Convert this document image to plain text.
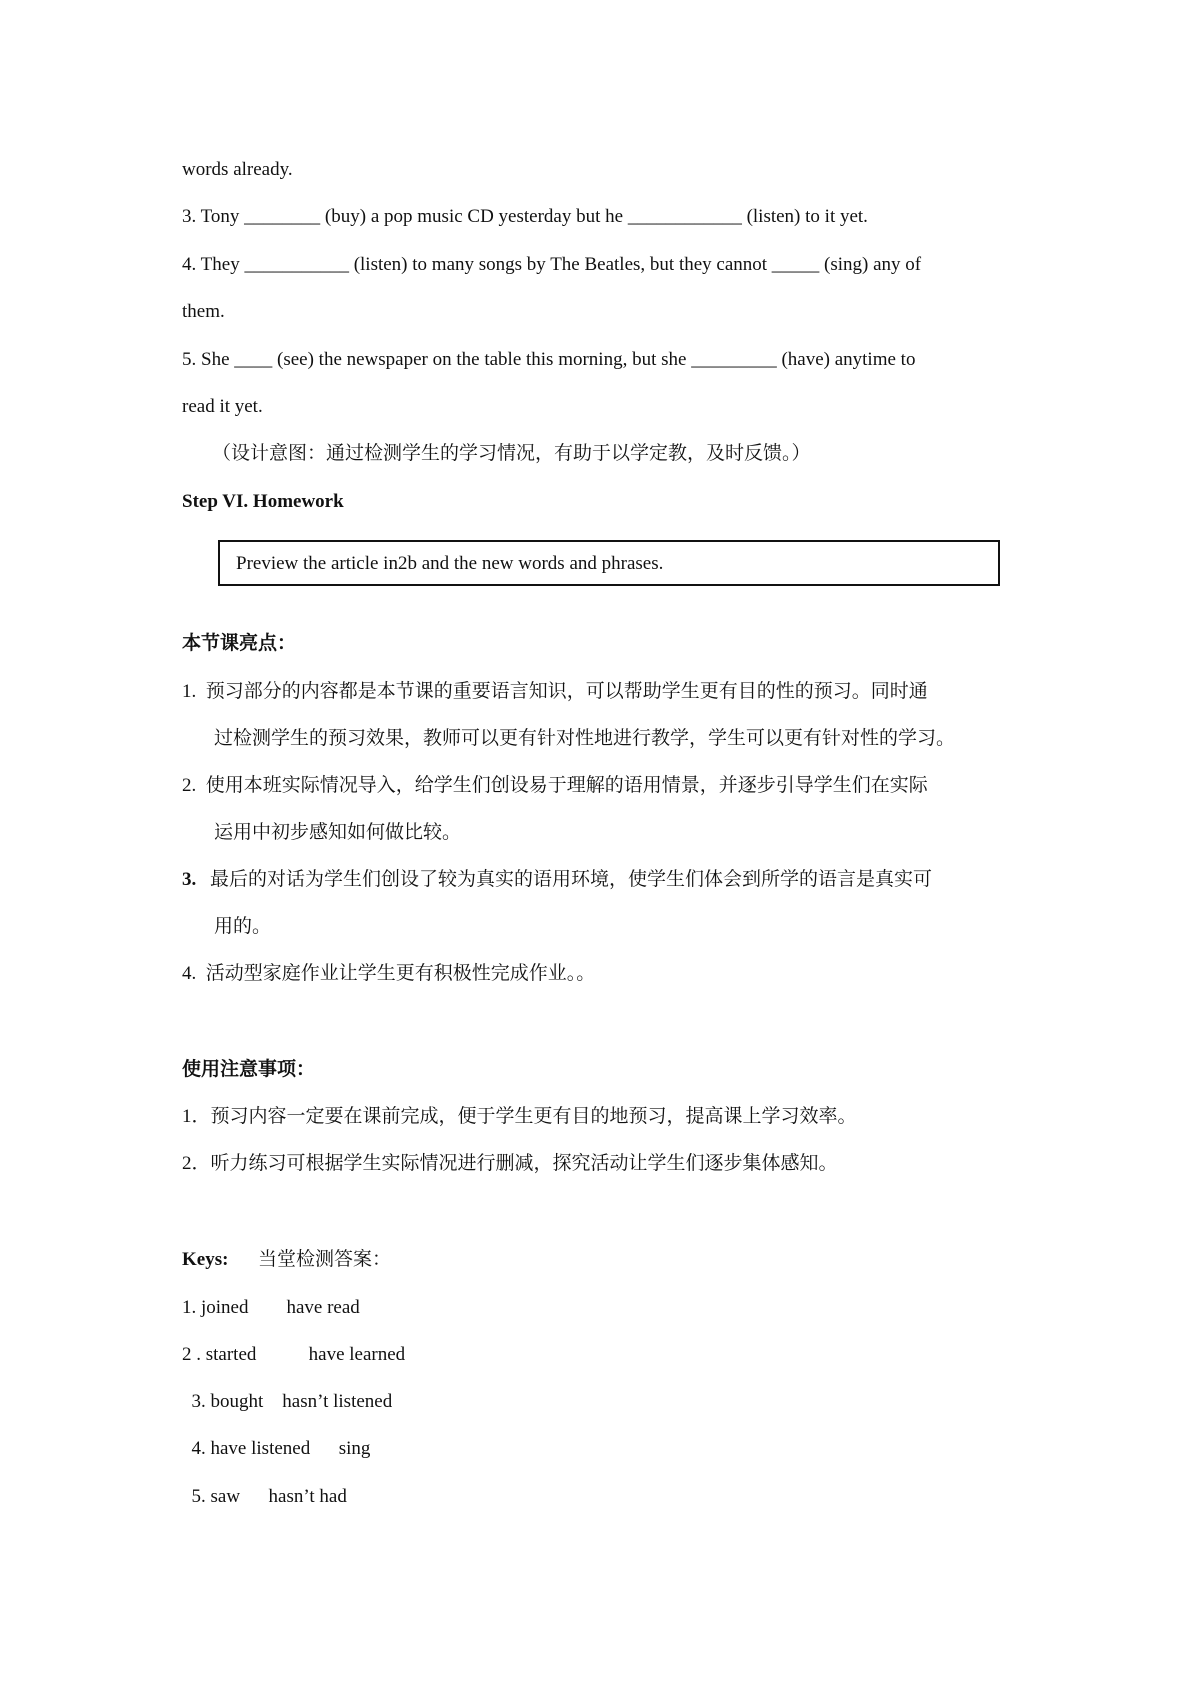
words already.
3. Tony ________ (buy) a pop music CD yesterday but he ____________ (listen) to it yet.
4. They ___________ (listen) to many songs by The Beatles, but they cannot _____ (sing) any of
them.
5. She ____ (see) the newspaper on the table this morning, but she _________ (have) anytime to
read it yet.
（设计意图：通过检测学生的学习情况，有助于以学定教，及时反馈。）
Step VI. Homework
Preview the article in2b and the new words and phrases.
本节课亮点：
1.  预习部分的内容都是本节课的重要语言知识，可以帮助学生更有目的性的预习。同时通
过检测学生的预习效果，教师可以更有针对性地进行教学，学生可以更有针对性的学习。
2.  使用本班实际情况导入，给学生们创设易于理解的语用情景，并逐步引导学生们在实际
运用中初步感知如何做比较。
3. 最后的对话为学生们创设了较为真实的语用环境，使学生们体会到所学的语言是真实可
用的。
4.  活动型家庭作业让学生更有积极性完成作业。。
使用注意事项：
1．预习内容一定要在课前完成，便于学生更有目的地预习，提高课上学习效率。
2．听力练习可根据学生实际情况进行删减，探究活动让学生们逐步集体感知。
Keys: 当堂检测答案：
1. joined        have read
2 . started           have learned
3. bought    hasn’t listened
4. have listened      sing
5. saw      hasn’t had
